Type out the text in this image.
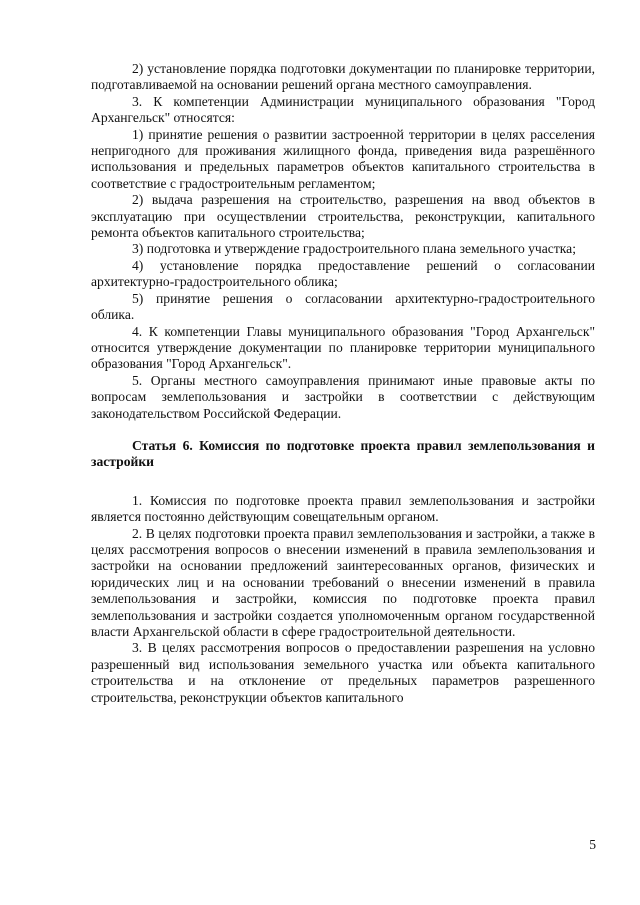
2) установление порядка подготовки документации по планировке территории, подготавливаемой на основании решений органа местного самоуправления.

3. К компетенции Администрации муниципального образования "Город Архангельск" относятся:

1) принятие решения о развитии застроенной территории в целях расселения непригодного для проживания жилищного фонда, приведения вида разрешённого использования и предельных параметров объектов капитального строительства в соответствие с градостроительным регламентом;

2) выдача разрешения на строительство, разрешения на ввод объектов в эксплуатацию при осуществлении строительства, реконструкции, капитального ремонта объектов капитального строительства;

3) подготовка и утверждение градостроительного плана земельного участка;

4) установление порядка предоставление решений о согласовании архитектурно-градостроительного облика;

5) принятие решения о согласовании архитектурно-градостроительного облика.

4. К компетенции Главы муниципального образования "Город Архангельск" относится утверждение документации по планировке территории муниципального образования "Город Архангельск".

5. Органы местного самоуправления принимают иные правовые акты по вопросам землепользования и застройки в соответствии с действующим законодательством Российской Федерации.

Статья 6. Комиссия по подготовке проекта правил землепользования и застройки

1. Комиссия по подготовке проекта правил землепользования и застройки является постоянно действующим совещательным органом.

2. В целях подготовки проекта правил землепользования и застройки, а также в целях рассмотрения вопросов о внесении изменений в правила землепользования и застройки на основании предложений заинтересованных органов, физических и юридических лиц и на основании требований о внесении изменений в правила землепользования и застройки, комиссия по подготовке проекта правил землепользования и застройки создается уполномоченным органом государственной власти Архангельской области в сфере градостроительной деятельности.

3. В целях рассмотрения вопросов о предоставлении разрешения на условно разрешенный вид использования земельного участка или объекта капитального строительства и на отклонение от предельных параметров разрешенного строительства, реконструкции объектов капитального

5
